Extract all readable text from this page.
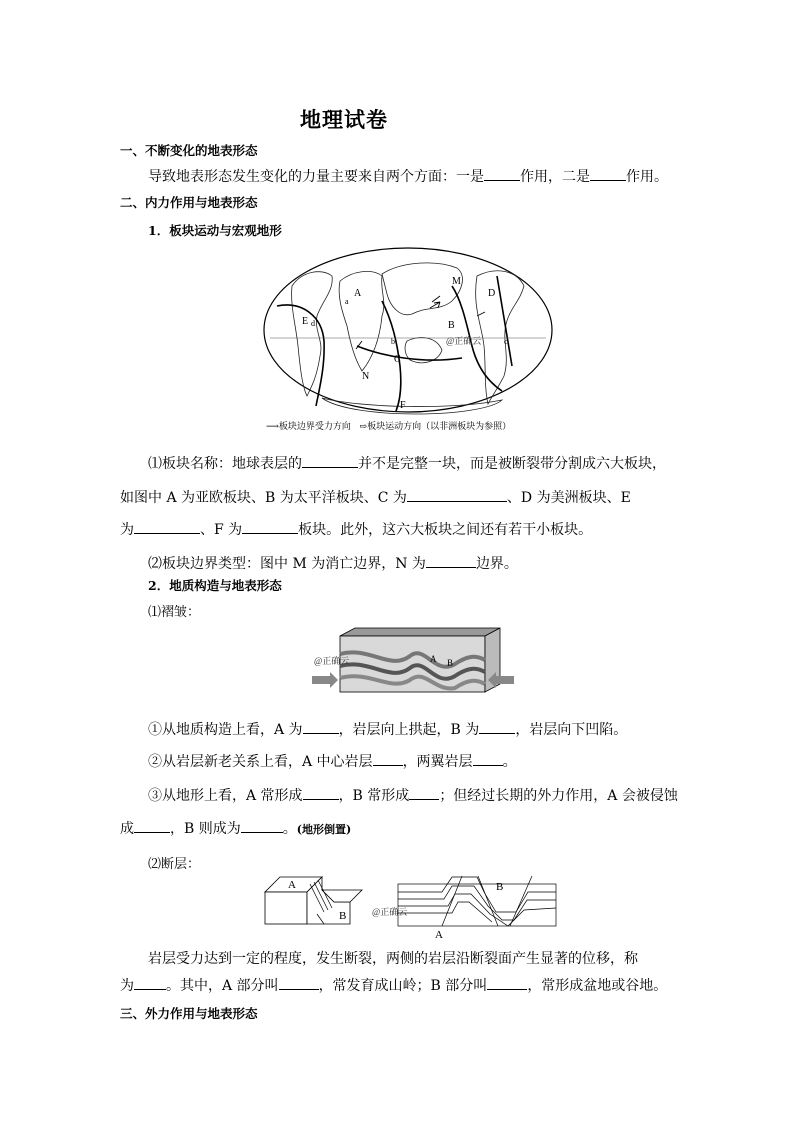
地理试卷
一、不断变化的地表形态
导致地表形态发生变化的力量主要来自两个方面：一是	作用，二是	作用。
二、内力作用与地表形态
1．板块运动与宏观地形
A
B
C
D
E
F
M
N
a
b	c
d
@正确云
⟶板块边界受力方向 ⇨板块运动方向（以非洲板块为参照）
⑴板块名称：地球表层的	并不是完整一块，而是被断裂带分割成六大板块，
如图中 A 为亚欧板块、B 为太平洋板块、C 为	、D 为美洲板块、E
为	、F 为	板块。此外，这六大板块之间还有若干小板块。
⑵板块边界类型：图中 M 为消亡边界，N 为	边界。
2．地质构造与地表形态
⑴褶皱：
A B
@正确云
①从地质构造上看，A 为	，岩层向上拱起，B 为	，岩层向下凹陷。
②从岩层新老关系上看，A 中心岩层 ，两翼岩层 。
③从地形上看，A 常形成	，B 常形成 ；但经过长期的外力作用，A 会被侵蚀
成	，B 则成为	。(地形倒置)
⑵断层：
A
B	@正确云
B
A
岩层受力达到一定的程度，发生断裂，两侧的岩层沿断裂面产生显著的位移，称
为 。其中，A 部分叫	，常发育成山岭；B 部分叫	，常形成盆地或谷地。
三、外力作用与地表形态
